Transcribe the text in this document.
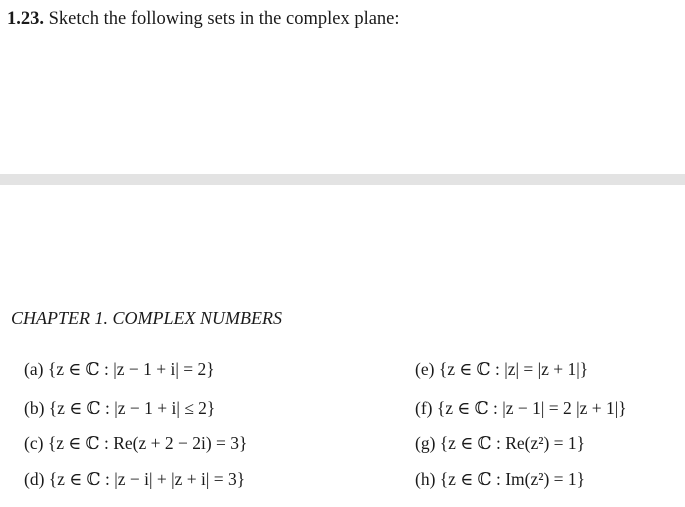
1.23. Sketch the following sets in the complex plane:
CHAPTER 1. COMPLEX NUMBERS
(a) {z ∈ ℂ : |z − 1 + i| = 2}
(b) {z ∈ ℂ : |z − 1 + i| ≤ 2}
(c) {z ∈ ℂ : Re(z + 2 − 2i) = 3}
(d) {z ∈ ℂ : |z − i| + |z + i| = 3}
(e) {z ∈ ℂ : |z| = |z + 1|}
(f) {z ∈ ℂ : |z − 1| = 2 |z + 1|}
(g) {z ∈ ℂ : Re(z²) = 1}
(h) {z ∈ ℂ : Im(z²) = 1}
